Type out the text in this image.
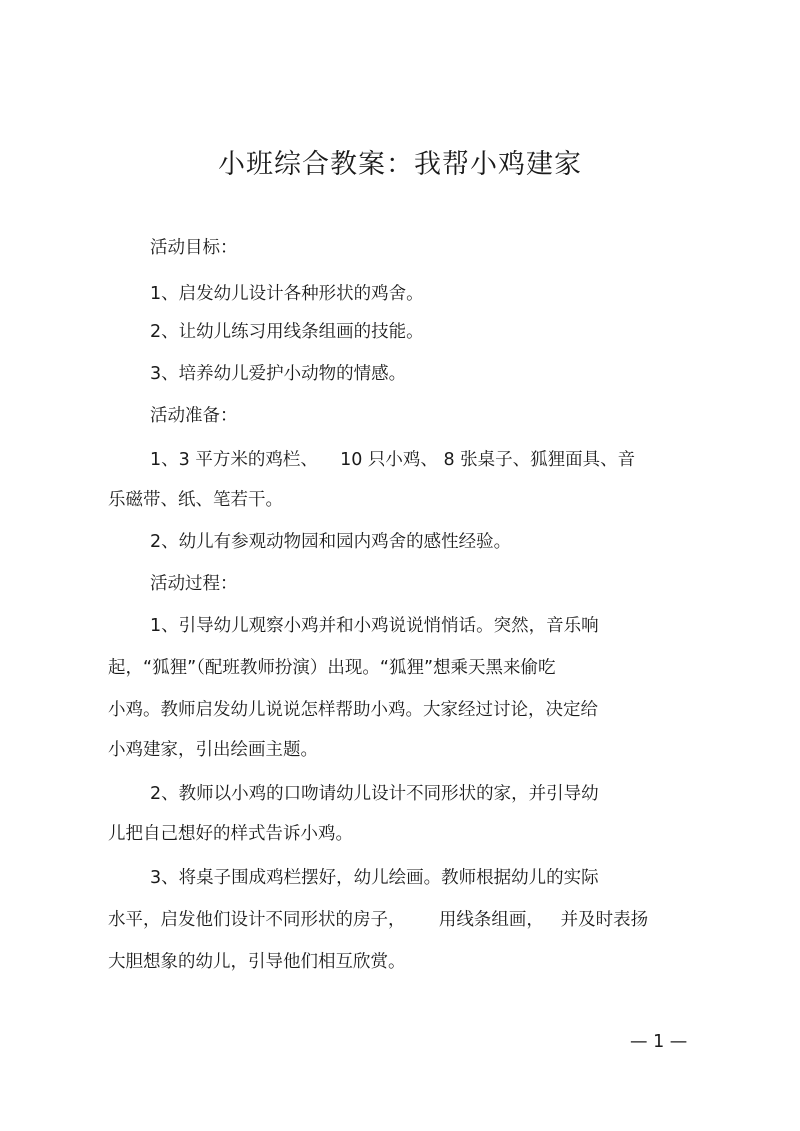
小班综合教案：我帮小鸡建家

活动目标：

1、启发幼儿设计各种形状的鸡舍。

2、让幼儿练习用线条组画的技能。

3、培养幼儿爱护小动物的情感。

活动准备：

1、3 平方米的鸡栏、    10 只小鸡、 8 张桌子、狐狸面具、音

乐磁带、纸、笔若干。

2、幼儿有参观动物园和园内鸡舍的感性经验。

活动过程：

1、引导幼儿观察小鸡并和小鸡说说悄悄话。突然，音乐响

起，“狐狸”（配班教师扮演）出现。“狐狸”想乘天黑来偷吃

小鸡。教师启发幼儿说说怎样帮助小鸡。大家经过讨论，决定给

小鸡建家，引出绘画主题。

2、教师以小鸡的口吻请幼儿设计不同形状的家，并引导幼

儿把自己想好的样式告诉小鸡。

3、将桌子围成鸡栏摆好，幼儿绘画。教师根据幼儿的实际

水平，启发他们设计不同形状的房子，      用线条组画，   并及时表扬

大胆想象的幼儿，引导他们相互欣赏。

— 1 —
